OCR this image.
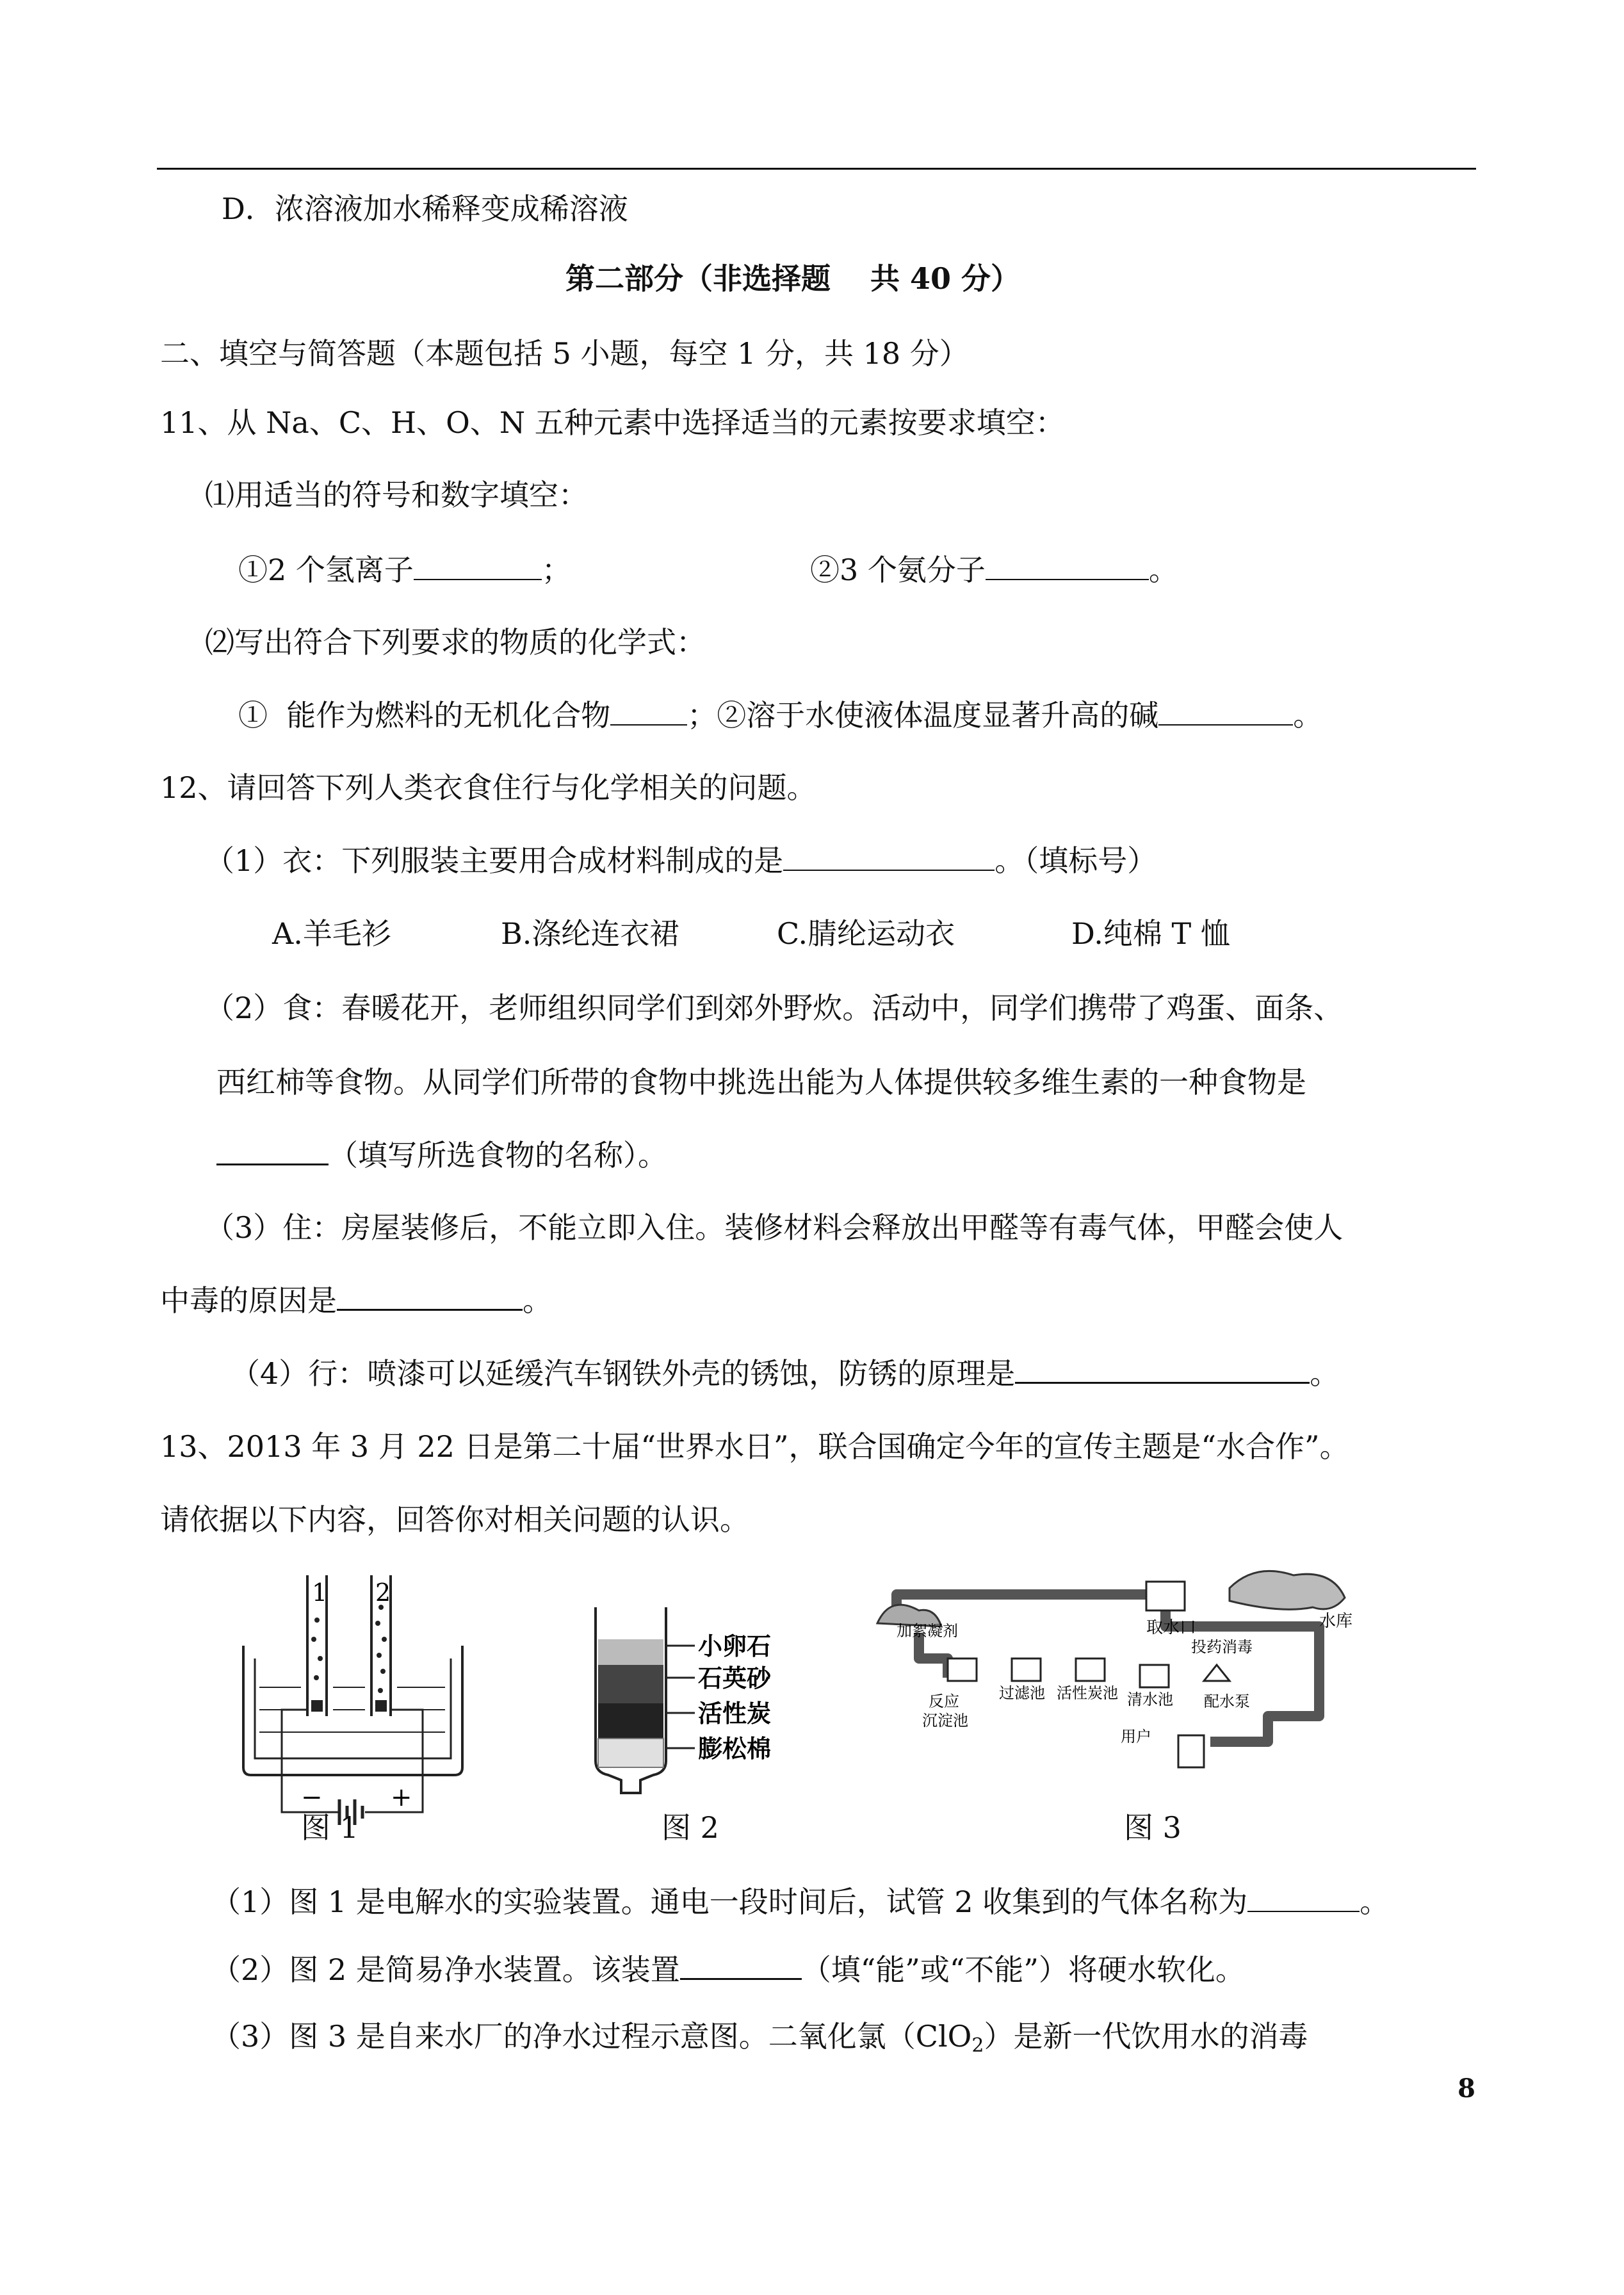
D．浓溶液加水稀释变成稀溶液
第二部分（非选择题　 共 40 分）
二、填空与简答题（本题包括 5 小题，每空 1 分，共 18 分）
11、从 Na、C、H、O、N 五种元素中选择适当的元素按要求填空：
⑴用适当的符号和数字填空：
①2 个氢离子	；	②3 个氨分子	。
⑵写出符合下列要求的物质的化学式：
①  能作为燃料的无机化合物	；②溶于水使液体温度显著升高的碱	。
12、请回答下列人类衣食住行与化学相关的问题。
（1）衣：下列服装主要用合成材料制成的是	。（填标号）
A.羊毛衫	B.涤纶连衣裙	C.腈纶运动衣	D.纯棉 T 恤
（2）食：春暖花开，老师组织同学们到郊外野炊。活动中，同学们携带了鸡蛋、面条、
西红柿等食物。从同学们所带的食物中挑选出能为人体提供较多维生素的一种食物是
（填写所选食物的名称）。
（3）住：房屋装修后，不能立即入住。装修材料会释放出甲醛等有毒气体，甲醛会使人
中毒的原因是	。
（4）行：喷漆可以延缓汽车钢铁外壳的锈蚀，防锈的原理是	。
13、2013 年 3 月 22 日是第二十届“世界水日”，联合国确定今年的宣传主题是“水合作”。
请依据以下内容，回答你对相关问题的认识。
1 2
−	+
小卵石
石英砂
活性炭
膨松棉
取水口	水库
加絮凝剂
投药消毒
反应
沉淀池
过滤池 活性炭池 清水池 配水泵
用户
图 1	图 2	图 3
（1）图 1 是电解水的实验装置。通电一段时间后，试管 2 收集到的气体名称为	。
（2）图 2 是简易净水装置。该装置	（填“能”或“不能”）将硬水软化。
（3）图 3 是自来水厂的净水过程示意图。二氧化氯（ClO$_2$）是新一代饮用水的消毒
8
